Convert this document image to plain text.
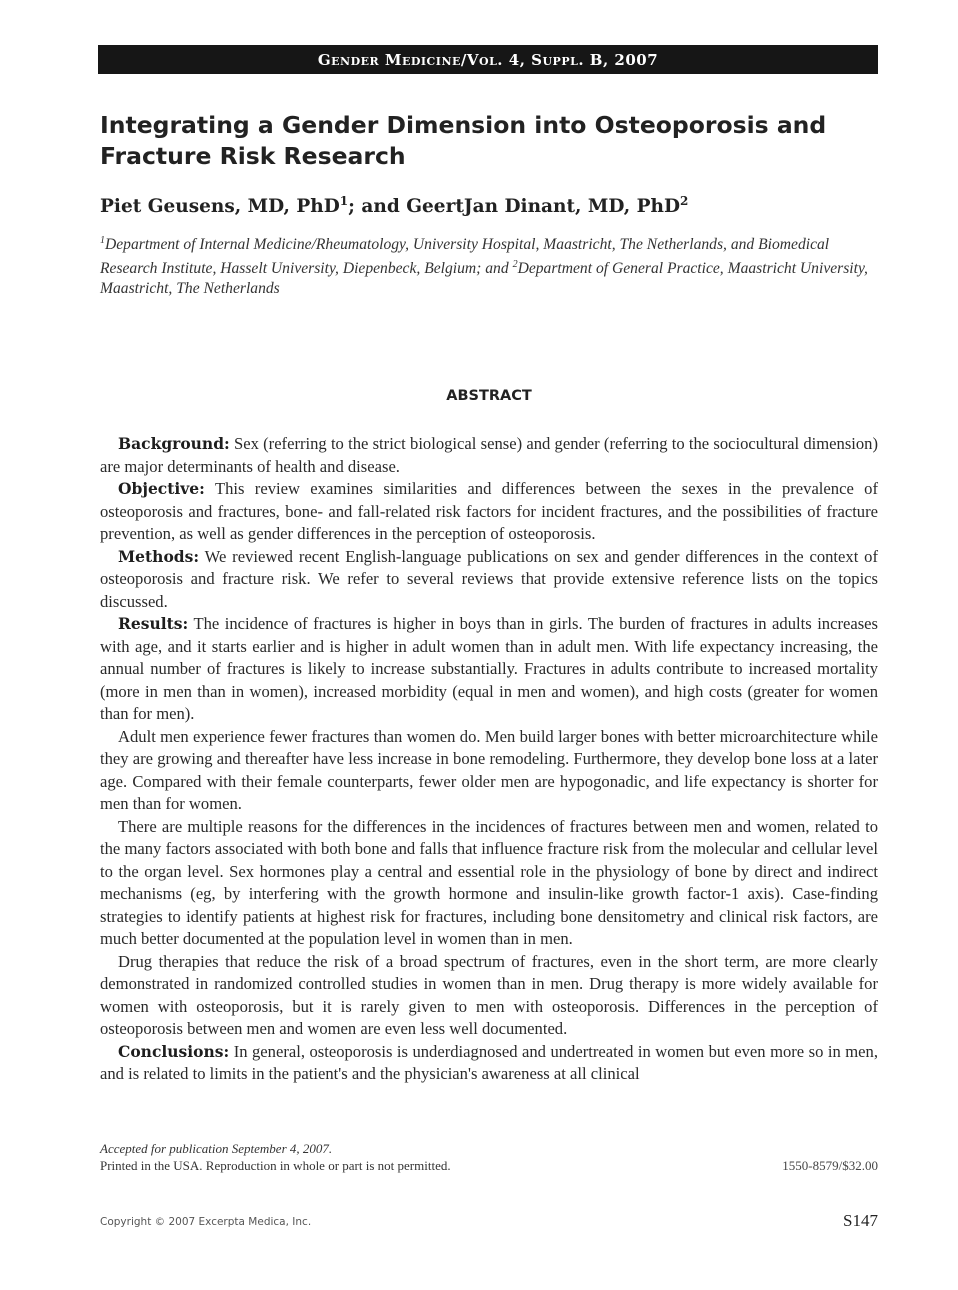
Gender Medicine/Vol. 4, Suppl. B, 2007
Integrating a Gender Dimension into Osteoporosis and Fracture Risk Research

Piet Geusens, MD, PhD$^1$; and GeertJan Dinant, MD, PhD$^2$

$^1$Department of Internal Medicine/Rheumatology, University Hospital, Maastricht, The Netherlands, and Biomedical Research Institute, Hasselt University, Diepenbeck, Belgium; and $^2$Department of General Practice, Maastricht University, Maastricht, The Netherlands

ABSTRACT

Background: Sex (referring to the strict biological sense) and gender (referring to the sociocultural dimension) are major determinants of health and disease.

Objective: This review examines similarities and differences between the sexes in the prevalence of osteoporosis and fractures, bone- and fall-related risk factors for incident fractures, and the possibilities of fracture prevention, as well as gender differences in the perception of osteoporosis.

Methods: We reviewed recent English-language publications on sex and gender differences in the context of osteoporosis and fracture risk. We refer to several reviews that provide extensive reference lists on the topics discussed.

Results: The incidence of fractures is higher in boys than in girls. The burden of fractures in adults increases with age, and it starts earlier and is higher in adult women than in adult men. With life expectancy increasing, the annual number of fractures is likely to increase substantially. Fractures in adults contribute to increased mortality (more in men than in women), increased morbidity (equal in men and women), and high costs (greater for women than for men).

Adult men experience fewer fractures than women do. Men build larger bones with better microarchitecture while they are growing and thereafter have less increase in bone remodeling. Furthermore, they develop bone loss at a later age. Compared with their female counterparts, fewer older men are hypogonadic, and life expectancy is shorter for men than for women.

There are multiple reasons for the differences in the incidences of fractures between men and women, related to the many factors associated with both bone and falls that influence fracture risk from the molecular and cellular level to the organ level. Sex hormones play a central and essential role in the physiology of bone by direct and indirect mechanisms (eg, by interfering with the growth hormone and insulin-like growth factor-1 axis). Case-finding strategies to identify patients at highest risk for fractures, including bone densitometry and clinical risk factors, are much better documented at the population level in women than in men.

Drug therapies that reduce the risk of a broad spectrum of fractures, even in the short term, are more clearly demonstrated in randomized controlled studies in women than in men. Drug therapy is more widely available for women with osteoporosis, but it is rarely given to men with osteoporosis. Differences in the perception of osteoporosis between men and women are even less well documented.

Conclusions: In general, osteoporosis is underdiagnosed and undertreated in women but even more so in men, and is related to limits in the patient's and the physician's awareness at all clinical

Accepted for publication September 4, 2007.
Printed in the USA. Reproduction in whole or part is not permitted.	1550-8579/$32.00
Copyright © 2007 Excerpta Medica, Inc.	S147
